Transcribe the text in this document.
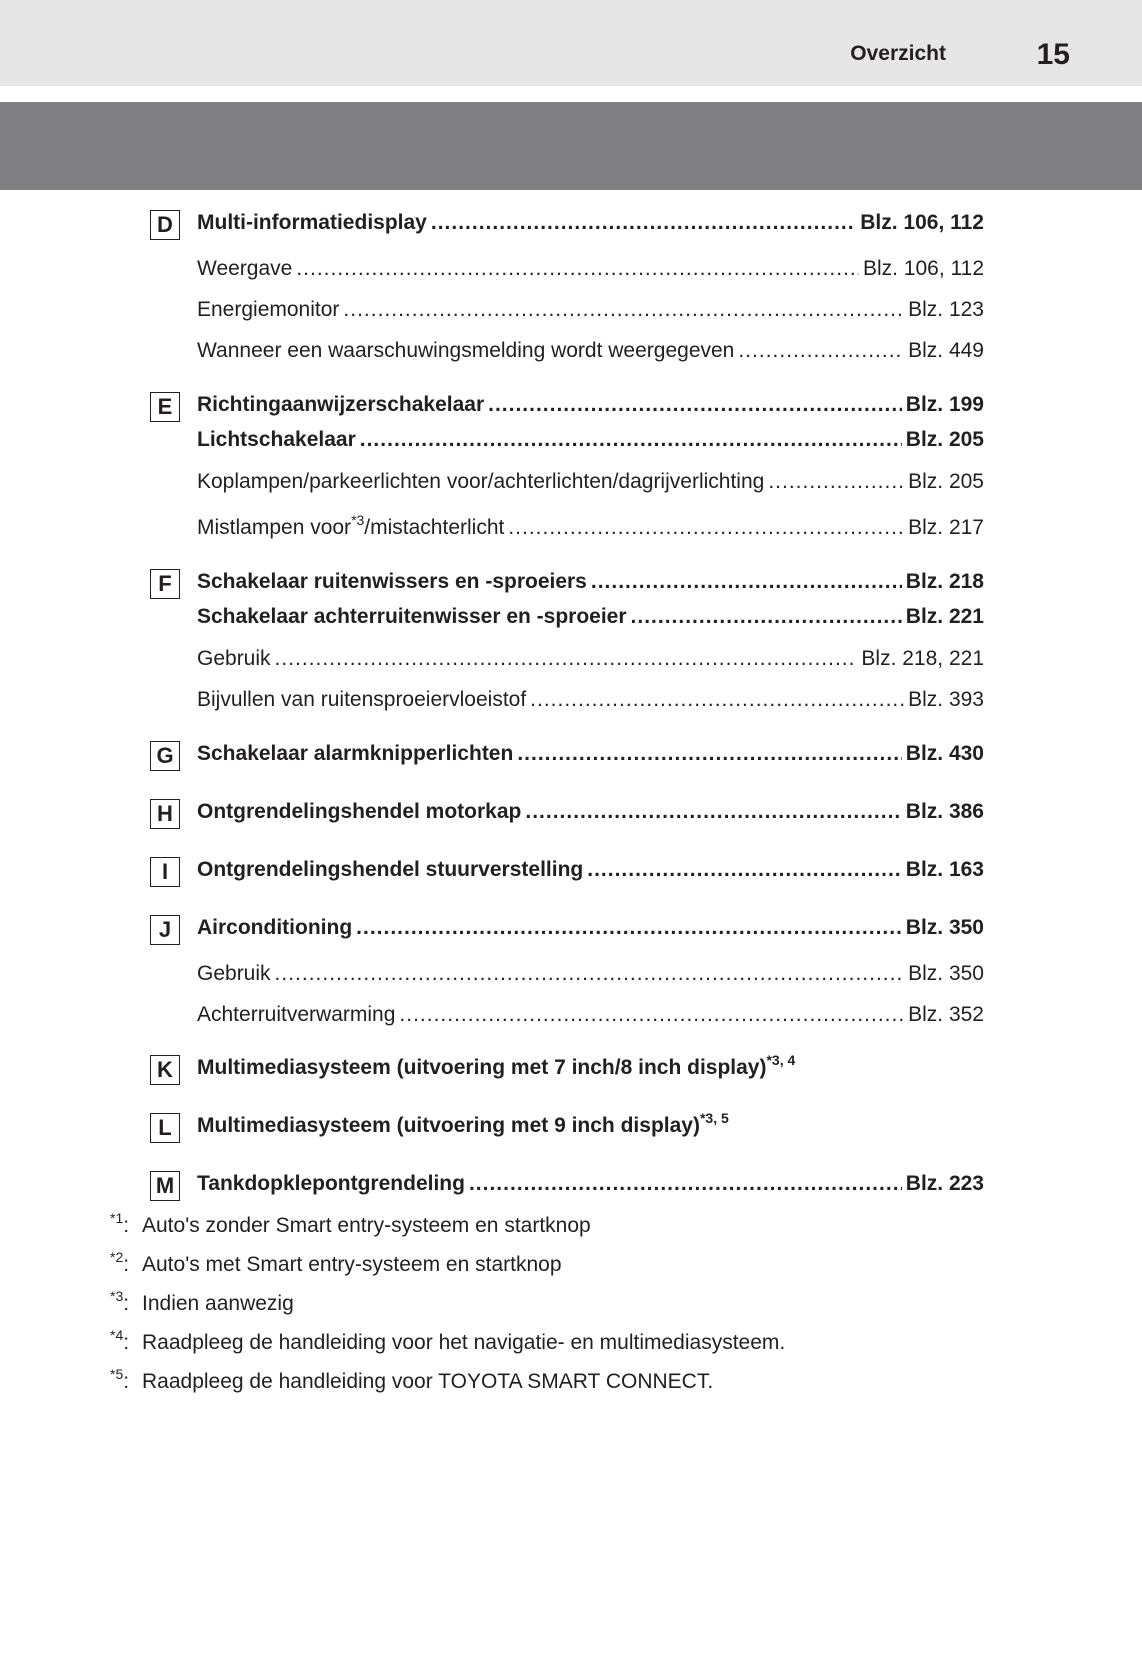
Overzicht	15
D	Multi-informatiedisplay .....	Blz. 106, 112
Weergave .....	Blz. 106, 112
Energiemonitor .....	Blz. 123
Wanneer een waarschuwingsmelding wordt weergegeven .....	Blz. 449
E	Richtingaanwijzerschakelaar .....	Blz. 199
Lichtschakelaar .....	Blz. 205
Koplampen/parkeerlichten voor/achterlichten/dagrijverlichting .....	Blz. 205
Mistlampen voor$^{*3}$/mistachterlicht .....	Blz. 217
F	Schakelaar ruitenwissers en -sproeiers .....	Blz. 218
Schakelaar achterruitenwisser en -sproeier .....	Blz. 221
Gebruik .....	Blz. 218, 221
Bijvullen van ruitensproeiervloeistof .....	Blz. 393
G	Schakelaar alarmknipperlichten .....	Blz. 430
H	Ontgrendelingshendel motorkap .....	Blz. 386
I	Ontgrendelingshendel stuurverstelling .....	Blz. 163
J	Airconditioning .....	Blz. 350
Gebruik .....	Blz. 350
Achterruitverwarming .....	Blz. 352
K	Multimediasysteem (uitvoering met 7 inch/8 inch display)$^{*3, 4}$
L	Multimediasysteem (uitvoering met 9 inch display)$^{*3, 5}$
M Tankdopklepontgrendeling .....	Blz. 223
$^{*1}$: Auto's zonder Smart entry-systeem en startknop
$^{*2}$: Auto's met Smart entry-systeem en startknop
$^{*3}$: Indien aanwezig
$^{*4}$: Raadpleeg de handleiding voor het navigatie- en multimediasysteem.
$^{*5}$: Raadpleeg de handleiding voor TOYOTA SMART CONNECT.
